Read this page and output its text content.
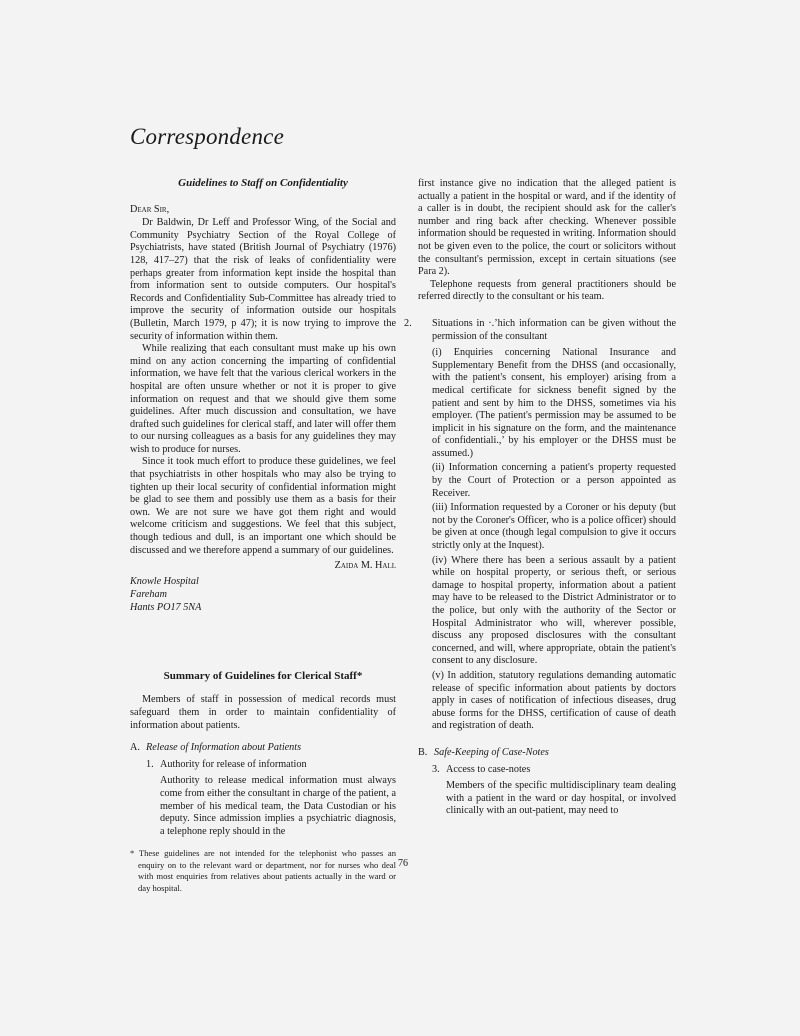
Correspondence
Guidelines to Staff on Confidentiality

Dear Sir,

Dr Baldwin, Dr Leff and Professor Wing, of the Social and Community Psychiatry Section of the Royal College of Psychiatrists, have stated (British Journal of Psychiatry (1976) 128, 417–27) that the risk of leaks of confidentiality were perhaps greater from information kept inside the hospital than from information sent to outside computers. Our hospital's Records and Confidentiality Sub-Committee has already tried to improve the security of information outside our hospitals (Bulletin, March 1979, p 47); it is now trying to improve the security of information within them.

While realizing that each consultant must make up his own mind on any action concerning the imparting of confidential information, we have felt that the various clerical workers in the hospital are often unsure whether or not it is proper to give information on request and that we should give them some guidelines. After much discussion and consultation, we have drafted such guidelines for clerical staff, and later will offer them to our nursing colleagues as a basis for any guidelines they may wish to produce for nurses.

Since it took much effort to produce these guidelines, we feel that psychiatrists in other hospitals who may also be trying to tighten up their local security of confidential information might be glad to see them and possibly use them as a basis for their own. We are not sure we have got them right and would welcome criticism and suggestions. We feel that this subject, though tedious and dull, is an important one which should be discussed and we therefore append a summary of our guidelines.

Zaida M. Hall

Knowle Hospital
Fareham
Hants PO17 5NA
Summary of Guidelines for Clerical Staff*

Members of staff in possession of medical records must safeguard them in order to maintain confidentiality of information about patients.

A. Release of Information about Patients
1. Authority for release of information

Authority to release medical information must always come from either the consultant in charge of the patient, a member of his medical team, the Data Custodian or his deputy. Since admission implies a psychiatric diagnosis, a telephone reply should in the

* These guidelines are not intended for the telephonist who passes an enquiry on to the relevant ward or department, nor for nurses who deal with most enquiries from relatives about patients actually in the ward or day hospital.

first instance give no indication that the alleged patient is actually a patient in the hospital or ward, and if the identity of a caller is in doubt, the recipient should ask for the caller's number and ring back after checking. Whenever possible information should be requested in writing. Information should not be given even to the police, the court or solicitors without the consultant's permission, except in certain situations (see Para 2).

Telephone requests from general practitioners should be referred directly to the consultant or his team.

2. Situations in ·.’hich information can be given without the permission of the consultant

(i) Enquiries concerning National Insurance and Supplementary Benefit from the DHSS (and occasionally, with the patient's consent, his employer) arising from a medical certificate for sickness benefit signed by the patient and sent by him to the DHSS, sometimes via his employer. (The patient's permission may be assumed to be implicit in his signature on the form, and the maintenance of confidentiali.,’ by his employer or the DHSS must be assumed.)

(ii) Information concerning a patient's property requested by the Court of Protection or a person appointed as Receiver.

(iii) Information requested by a Coroner or his deputy (but not by the Coroner's Officer, who is a police officer) should be given at once (though legal compulsion to give it occurs strictly only at the Inquest).

(iv) Where there has been a serious assault by a patient while on hospital property, or serious theft, or serious damage to hospital property, information about a patient may have to be released to the District Administrator or to the police, but only with the authority of the Sector or Hospital Administrator who will, wherever possible, discuss any proposed disclosures with the consultant concerned, and will, where appropriate, obtain the patient's consent to any disclosure.

(v) In addition, statutory regulations demanding automatic release of specific information about patients by doctors apply in cases of notification of infectious diseases, drug abuse forms for the DHSS, certification of cause of death and registration of death.

B. Safe-Keeping of Case-Notes
3. Access to case-notes

Members of the specific multidisciplinary team dealing with a patient in the ward or day hospital, or involved clinically with an out-patient, may need to

76
